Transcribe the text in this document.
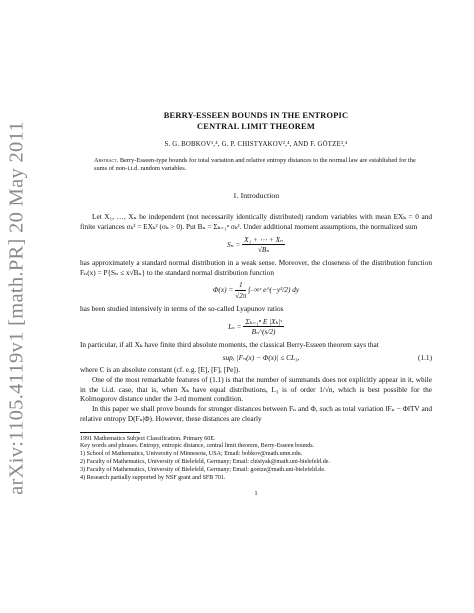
arXiv:1105.4119v1 [math.PR] 20 May 2011
BERRY-ESSEEN BOUNDS IN THE ENTROPIC
CENTRAL LIMIT THEOREM
S. G. BOBKOV¹,⁴, G. P. CHISTYAKOV²,⁴, AND F. GÖTZE³,⁴
Abstract. Berry-Esseen-type bounds for total variation and relative entropy distances to the normal law are established for the sums of non-i.i.d. random variables.
1. Introduction

Let X₁, …, Xₙ be independent (not necessarily identically distributed) random variables with mean EXₖ = 0 and finite variances σₖ² = EXₖ² (σₖ > 0). Put Bₙ = Σₖ₌₁ⁿ σₖ². Under additional moment assumptions, the normalized sum

$S_n = \frac{\text{X₁ + ⋯ + Xₙ}}{\text{√Bₙ}}$

has approximately a standard normal distribution in a weak sense. Moreover, the closeness of the distribution function Fₙ(x) = P{Sₙ ≤ x√Bₙ} to the standard normal distribution function

$\Phi(x) = \frac{1}{√2\pi}$ ∫₋∞ˣ e^(−y²/2) dy

has been studied intensively in terms of the so-called Lyapunov ratios

$L_s = \frac{\text{Σₖ₌₁ⁿ E |Xₖ|ˢ}}{\text{Bₙ\textasciicircum{}(s/2)}}$

In particular, if all Xₖ have finite third absolute moments, the classical Berry-Esseen theorem says that

supₓ |Fₙ(x) − Φ(x)| ≤ CL₃,	(1.1)

where C is an absolute constant (cf. e.g. [E], [F], [Pe]).

One of the most remarkable features of (1.1) is that the number of summands does not explicitly appear in it, while in the i.i.d. case, that is, when Xₖ have equal distributions, L₃ is of order 1/√n, which is best possible for the Kolmogorov distance under the 3-rd moment condition.

In this paper we shall prove bounds for stronger distances between Fₙ and Φ, such as total variation ‖Fₙ − Φ‖TV and relative entropy D(Fₙ|Φ). However, these distances are clearly

1991 Mathematics Subject Classification. Primary 60E.
Key words and phrases. Entropy, entropic distance, central limit theorem, Berry-Esseen bounds.
1) School of Mathematics, University of Minnesota, USA; Email: bobkov@math.umn.edu.
2) Faculty of Mathematics, University of Bielefeld, Germany; Email: chistyak@math.uni-bielefeld.de.
3) Faculty of Mathematics, University of Bielefeld, Germany; Email: goetze@math.uni-bielefeld.de.
4) Research partially supported by NSF grant and SFB 701.
1
